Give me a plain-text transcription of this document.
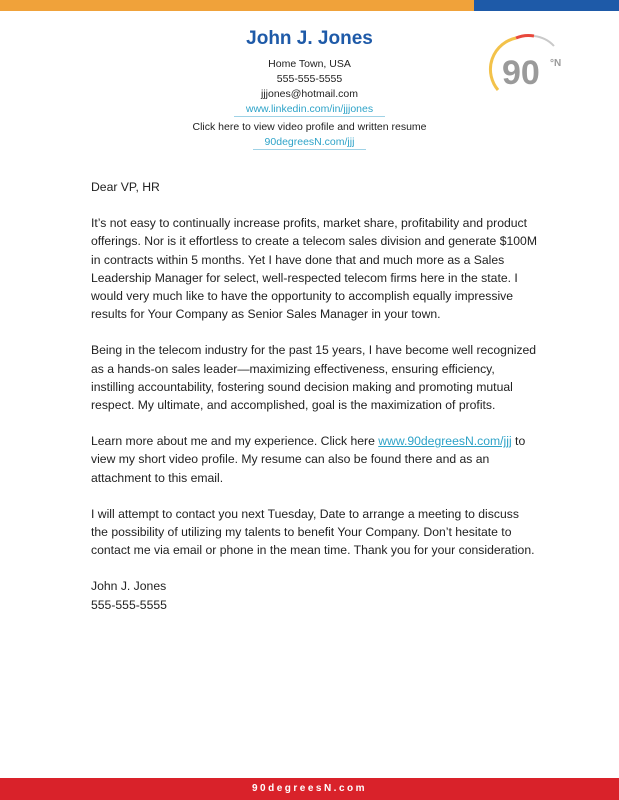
John J. Jones
Home Town, USA
555-555-5555
jjjones@hotmail.com
www.linkedin.com/in/jjjones
Click here to view video profile and written resume
90degreesN.com/jjj
90 °N

Dear VP, HR

It’s not easy to continually increase profits, market share, profitability and product offerings. Nor is it effortless to create a telecom sales division and generate $100M in contracts within 5 months. Yet I have done that and much more as a Sales Leadership Manager for select, well-respected telecom firms here in the state. I would very much like to have the opportunity to accomplish equally impressive results for Your Company as Senior Sales Manager in your town.

Being in the telecom industry for the past 15 years, I have become well recognized as a hands-on sales leader—maximizing effectiveness, ensuring efficiency, instilling accountability, fostering sound decision making and promoting mutual respect. My ultimate, and accomplished, goal is the maximization of profits.

Learn more about me and my experience. Click here www.90degreesN.com/jjj to view my short video profile. My resume can also be found there and as an attachment to this email.

I will attempt to contact you next Tuesday, Date to arrange a meeting to discuss the possibility of utilizing my talents to benefit Your Company. Don’t hesitate to contact me via email or phone in the mean time. Thank you for your consideration.

John J. Jones

555-555-5555

90degreesN.com
